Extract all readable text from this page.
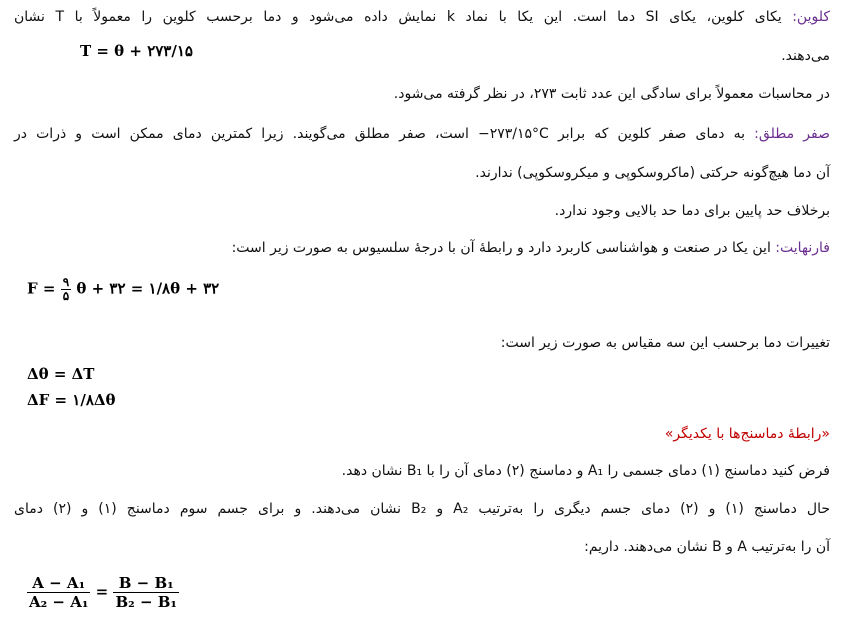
کلوین: یکای کلوین، یکای SI دما است. این یکا با نماد k نمایش داده می‌شود و دما برحسب کلوین را معمولاً با T نشان
می‌دهند.
T = θ + ۲۷۳/۱۵
در محاسبات معمولاً برای سادگی این عدد ثابت ۲۷۳، در نظر گرفته می‌شود.
صفر مطلق: به دمای صفر کلوین که برابر ‎−۲۷۳/۱۵°C‎ است، صفر مطلق می‌گویند. زیرا کمترین دمای ممکن است و ذرات در
آن دما هیچ‌گونه حرکتی (ماکروسکوپی و میکروسکوپی) ندارند.
برخلاف حد پایین برای دما حد بالایی وجود ندارد.
فارنهایت: این یکا در صنعت و هواشناسی کاربرد دارد و رابطهٔ آن با درجهٔ سلسیوس به صورت زیر است:
$F = \frac{۹}{۵}$ θ + ۳۲ = ۱/۸θ + ۳۲
تغییرات دما برحسب این سه مقیاس به صورت زیر است:
Δθ = ΔT
ΔF = ۱/۸Δθ
«رابطهٔ دماسنج‌ها با یکدیگر»
فرض کنید دماسنج (۱) دمای جسمی را A₁ و دماسنج (۲) دمای آن را با B₁ نشان دهد.
حال دماسنج (۱) و (۲) دمای جسم دیگری را به‌ترتیب A₂ و B₂ نشان می‌دهند. و برای جسم سوم دماسنج (۱) و (۲) دمای
آن را به‌ترتیب A و B نشان می‌دهند. داریم:
$\frac{\text{A − A₁}}{\text{A₂ − A₁}} = \frac{\text{B − B₁}}{\text{B₂ − B₁}}$
